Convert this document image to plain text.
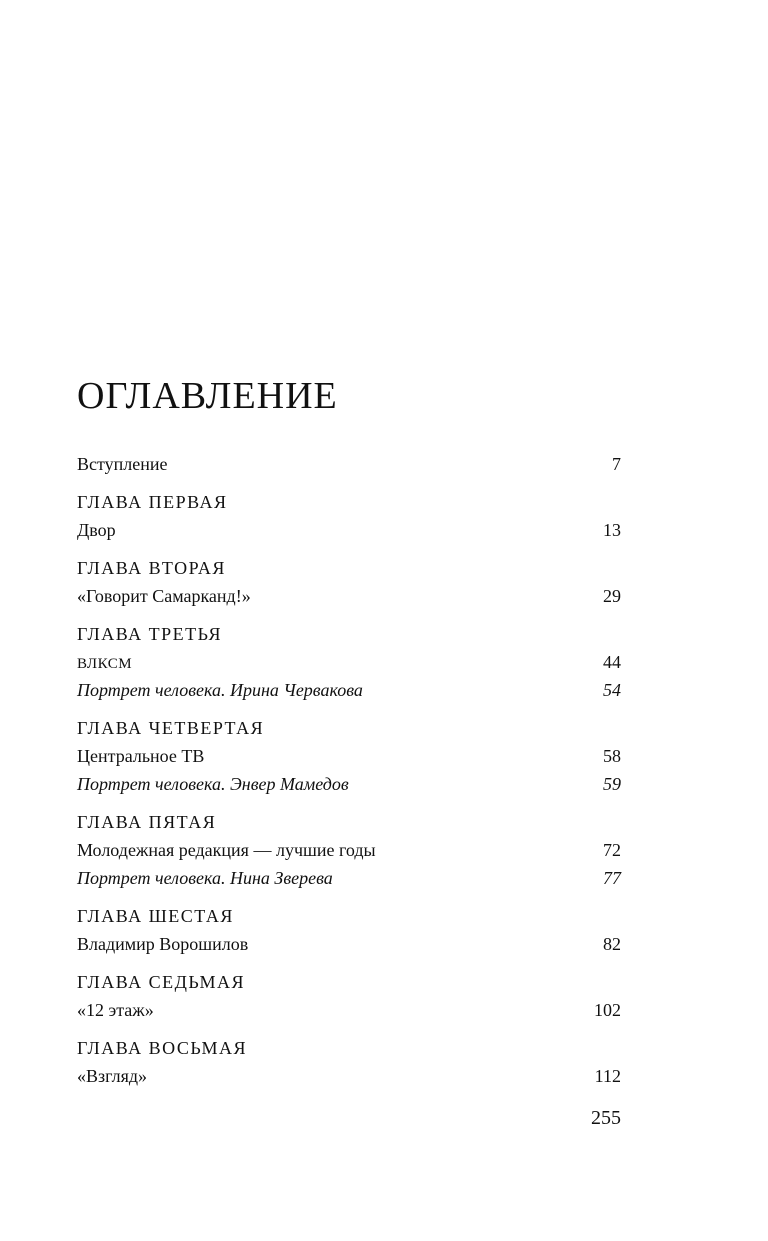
ОГЛАВЛЕНИЕ
Вступление	7
ГЛАВА ПЕРВАЯ
Двор	13
ГЛАВА ВТОРАЯ
«Говорит Самарканд!»	29
ГЛАВА ТРЕТЬЯ
ВЛКСМ	44
Портрет человека. Ирина Червакова	54
ГЛАВА ЧЕТВЕРТАЯ
Центральное ТВ	58
Портрет человека. Энвер Мамедов	59
ГЛАВА ПЯТАЯ
Молодежная редакция — лучшие годы	72
Портрет человека. Нина Зверева	77
ГЛАВА ШЕСТАЯ
Владимир Ворошилов	82
ГЛАВА СЕДЬМАЯ
«12 этаж»	102
ГЛАВА ВОСЬМАЯ
«Взгляд»	112
255
